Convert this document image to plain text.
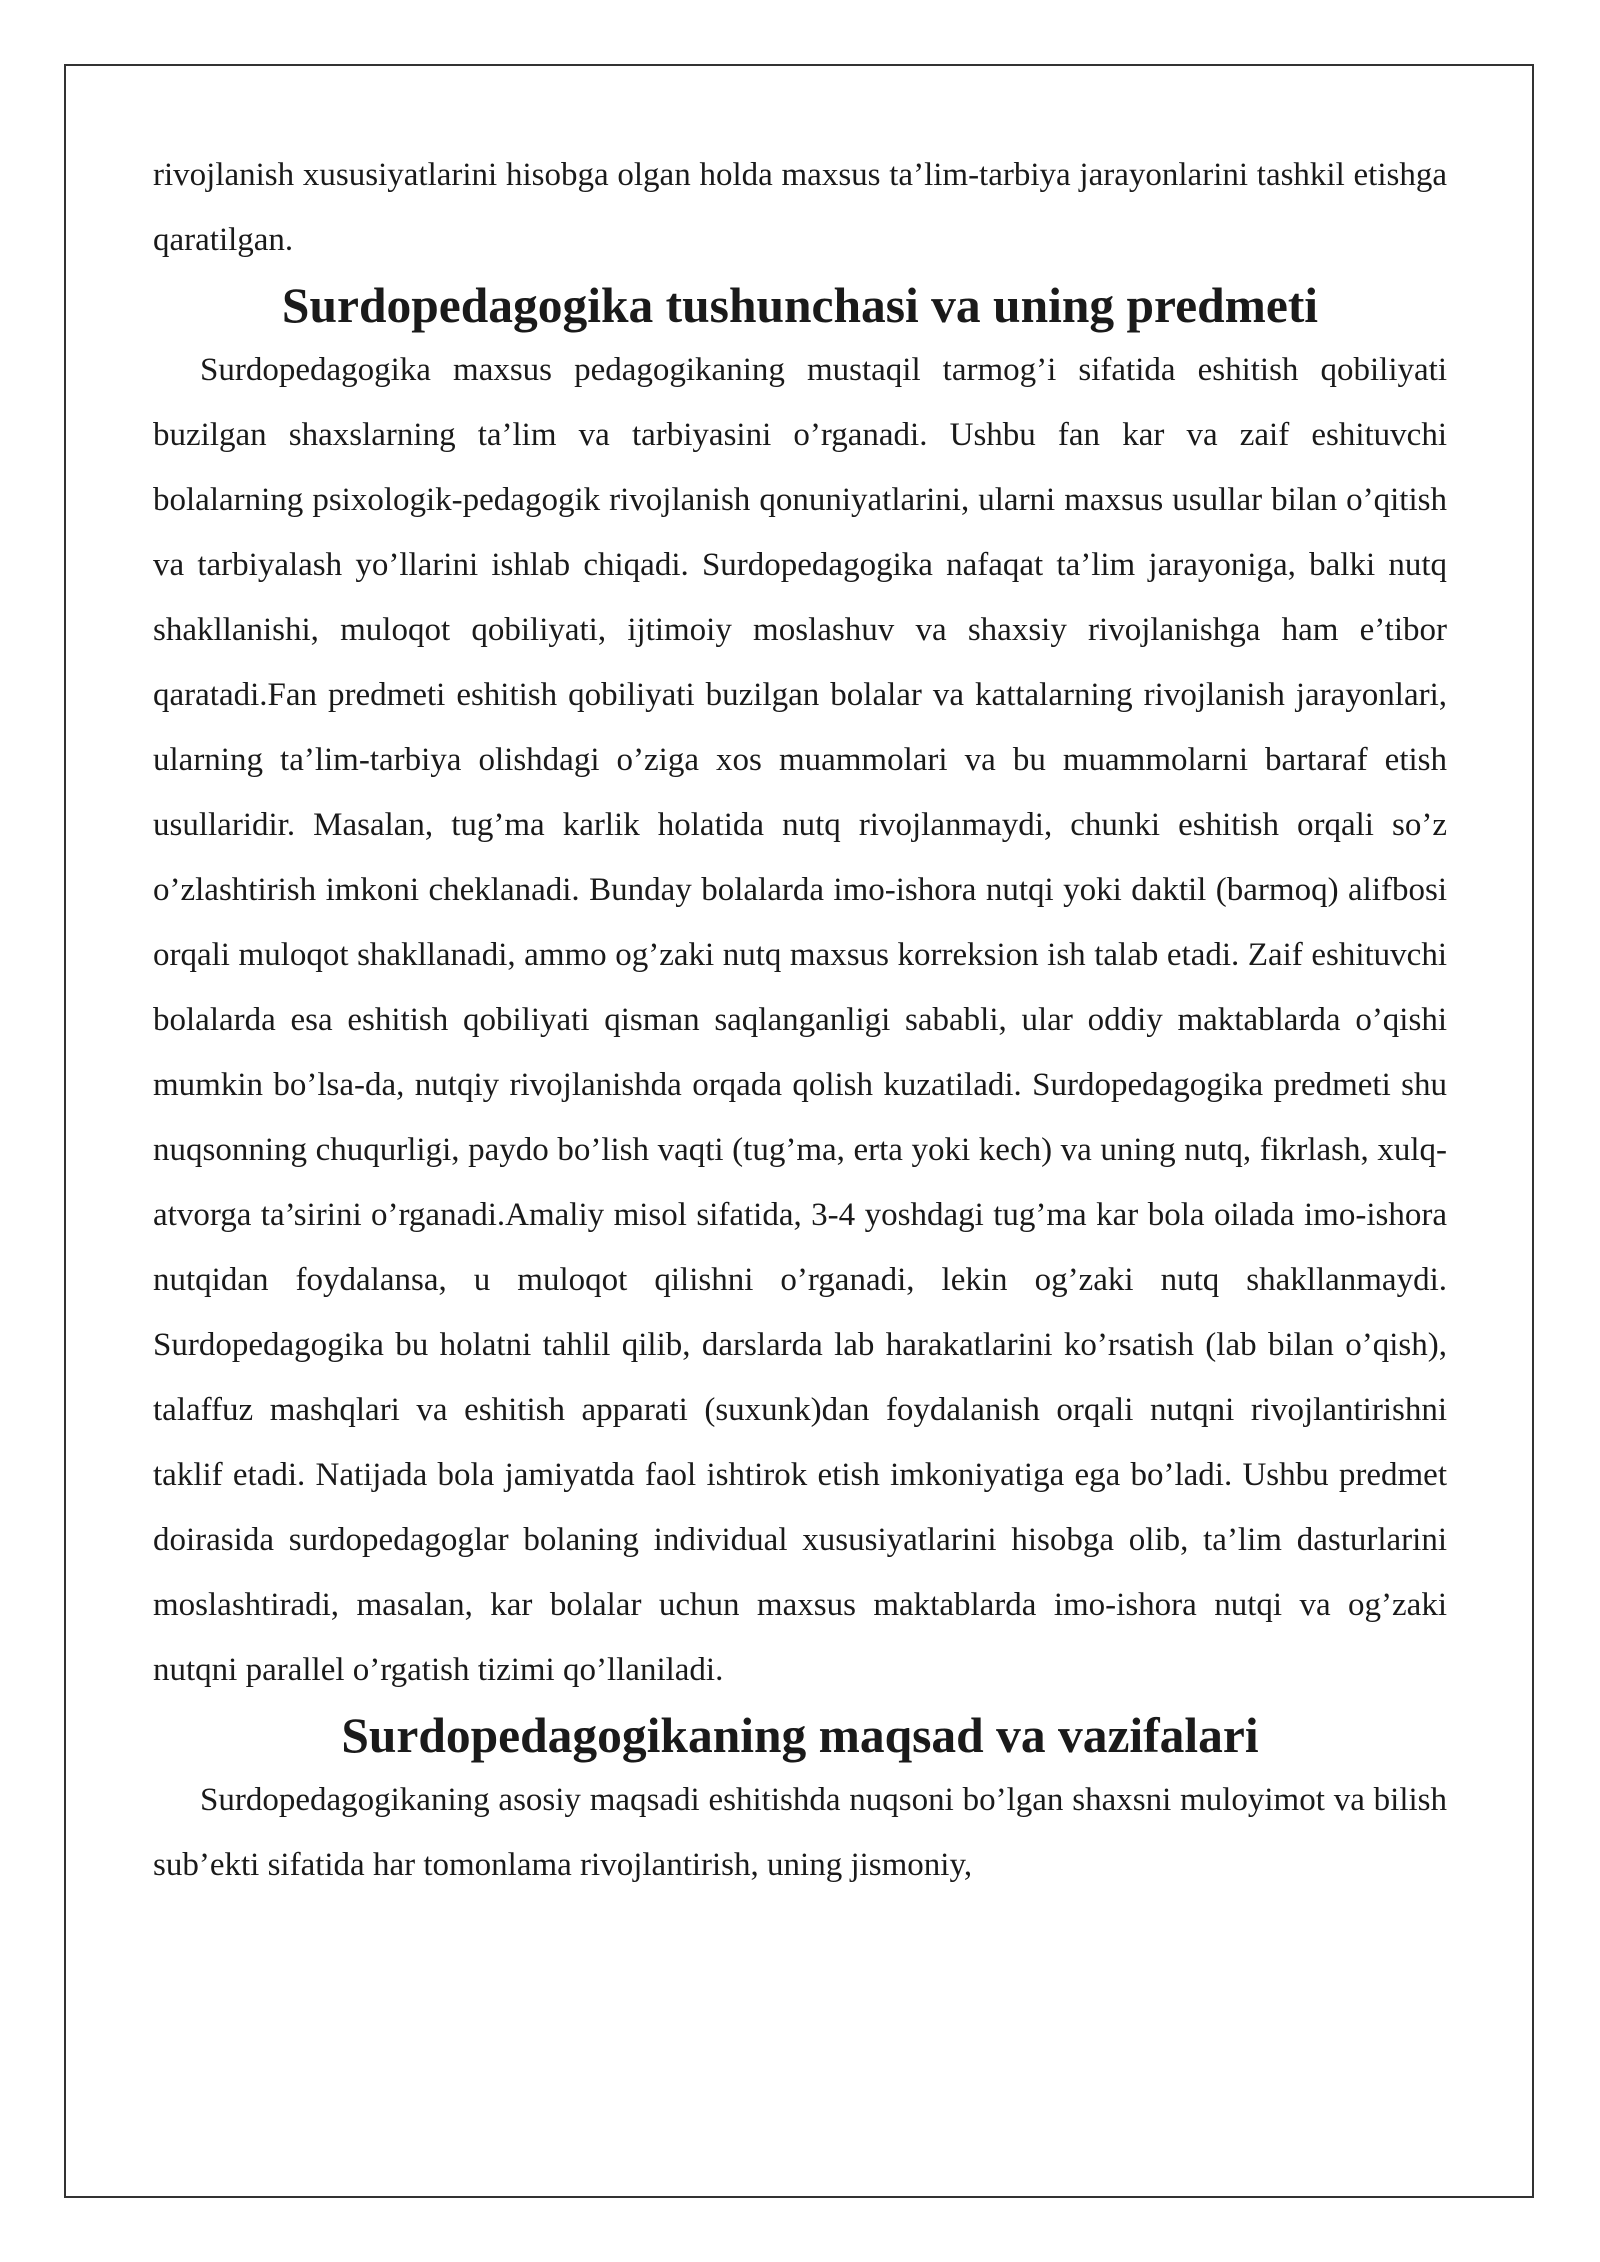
rivojlanish xususiyatlarini hisobga olgan holda maxsus ta’lim-tarbiya jarayonlarini tashkil etishga qaratilgan.

Surdopedagogika tushunchasi va uning predmeti

Surdopedagogika maxsus pedagogikaning mustaqil tarmog’i sifatida eshitish qobiliyati buzilgan shaxslarning ta’lim va tarbiyasini o’rganadi. Ushbu fan kar va zaif eshituvchi bolalarning psixologik-pedagogik rivojlanish qonuniyatlarini, ularni maxsus usullar bilan o’qitish va tarbiyalash yo’llarini ishlab chiqadi. Surdopedagogika nafaqat ta’lim jarayoniga, balki nutq shakllanishi, muloqot qobiliyati, ijtimoiy moslashuv va shaxsiy rivojlanishga ham e’tibor qaratadi.Fan predmeti eshitish qobiliyati buzilgan bolalar va kattalarning rivojlanish jarayonlari, ularning ta’lim-tarbiya olishdagi o’ziga xos muammolari va bu muammolarni bartaraf etish usullaridir. Masalan, tug’ma karlik holatida nutq rivojlanmaydi, chunki eshitish orqali so’z o’zlashtirish imkoni cheklanadi. Bunday bolalarda imo-ishora nutqi yoki daktil (barmoq) alifbosi orqali muloqot shakllanadi, ammo og’zaki nutq maxsus korreksion ish talab etadi. Zaif eshituvchi bolalarda esa eshitish qobiliyati qisman saqlanganligi sababli, ular oddiy maktablarda o’qishi mumkin bo’lsa-da, nutqiy rivojlanishda orqada qolish kuzatiladi. Surdopedagogika predmeti shu nuqsonning chuqurligi, paydo bo’lish vaqti (tug’ma, erta yoki kech) va uning nutq, fikrlash, xulq-atvorga ta’sirini o’rganadi.Amaliy misol sifatida, 3-4 yoshdagi tug’ma kar bola oilada imo-ishora nutqidan foydalansa, u muloqot qilishni o’rganadi, lekin og’zaki nutq shakllanmaydi. Surdopedagogika bu holatni tahlil qilib, darslarda lab harakatlarini ko’rsatish (lab bilan o’qish), talaffuz mashqlari va eshitish apparati (suxunk)dan foydalanish orqali nutqni rivojlantirishni taklif etadi. Natijada bola jamiyatda faol ishtirok etish imkoniyatiga ega bo’ladi. Ushbu predmet doirasida surdopedagoglar bolaning individual xususiyatlarini hisobga olib, ta’lim dasturlarini moslashtiradi, masalan, kar bolalar uchun maxsus maktablarda imo-ishora nutqi va og’zaki nutqni parallel o’rgatish tizimi qo’llaniladi.

Surdopedagogikaning maqsad va vazifalari

Surdopedagogikaning asosiy maqsadi eshitishda nuqsoni bo’lgan shaxsni muloyimot va bilish sub’ekti sifatida har tomonlama rivojlantirish, uning jismoniy,
